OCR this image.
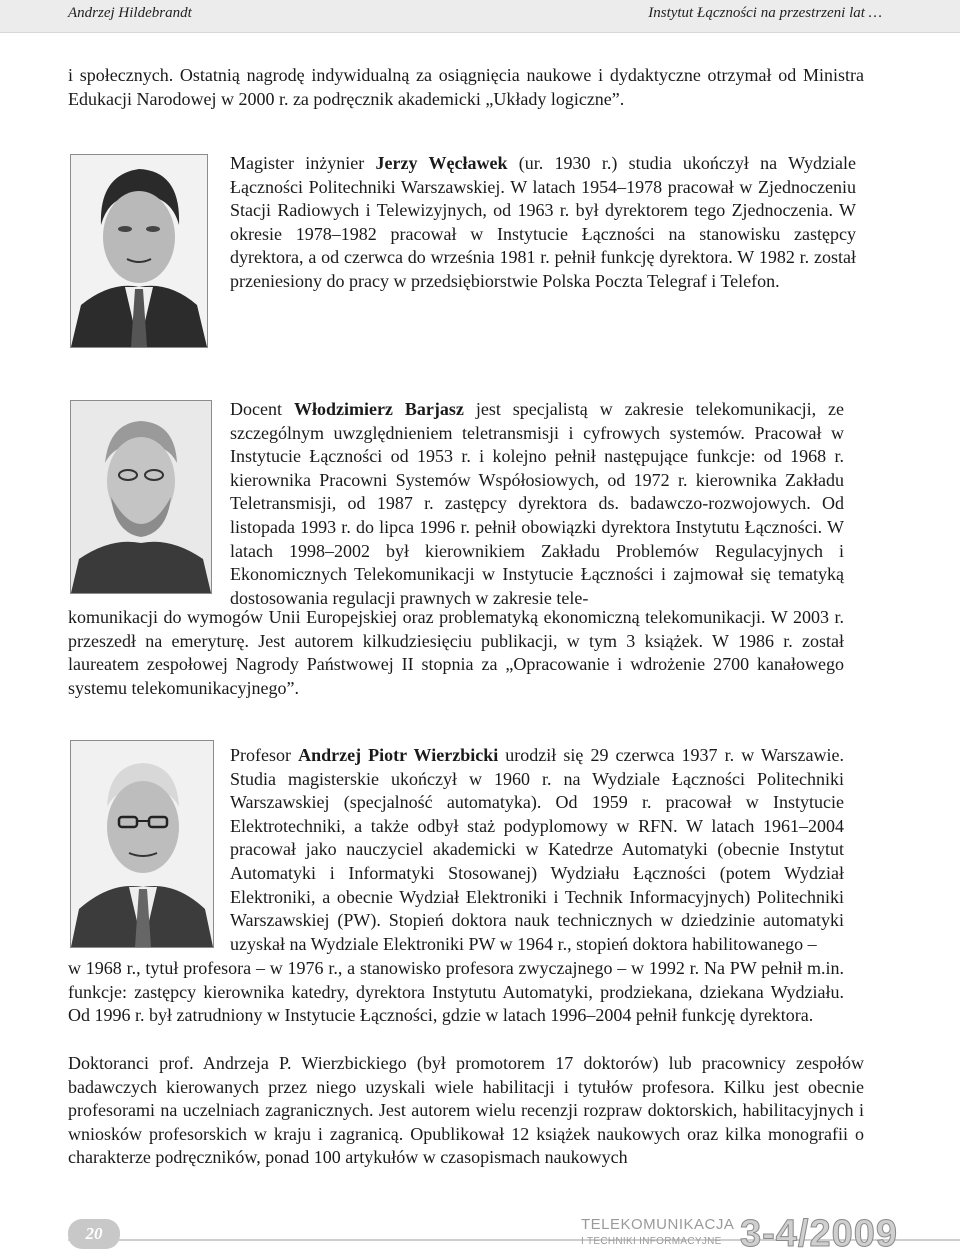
Andrzej Hildebrandt	Instytut Łączności na przestrzeni lat …

i społecznych. Ostatnią nagrodę indywidualną za osiągnięcia naukowe i dydaktyczne otrzymał od Ministra Edukacji Narodowej w 2000 r. za podręcznik akademicki „Układy logiczne”.

Magister inżynier Jerzy Węcławek (ur. 1930 r.) studia ukończył na Wydziale Łączności Politechniki Warszawskiej. W latach 1954–1978 pracował w Zjednoczeniu Stacji Radiowych i Telewizyjnych, od 1963 r. był dyrektorem tego Zjednoczenia. W okresie 1978–1982 pracował w Instytucie Łączności na stanowisku zastępcy dyrektora, a od czerwca do września 1981 r. pełnił funkcję dyrektora. W 1982 r. został przeniesiony do pracy w przedsiębiorstwie Polska Poczta Telegraf i Telefon.

Docent Włodzimierz Barjasz jest specjalistą w zakresie telekomunikacji, ze szczególnym uwzględnieniem teletransmisji i cyfrowych systemów. Pracował w Instytucie Łączności od 1953 r. i kolejno pełnił następujące funkcje: od 1968 r. kierownika Pracowni Systemów Współosiowych, od 1972 r. kierownika Zakładu Teletransmisji, od 1987 r. zastępcy dyrektora ds. badawczo-rozwojowych. Od listopada 1993 r. do lipca 1996 r. pełnił obowiązki dyrektora Instytutu Łączności. W latach 1998–2002 był kierownikiem Zakładu Problemów Regulacyjnych i Ekonomicznych Telekomunikacji w Instytucie Łączności i zajmował się tematyką dostosowania regulacji prawnych w zakresie tele-

komunikacji do wymogów Unii Europejskiej oraz problematyką ekonomiczną telekomunikacji. W 2003 r. przeszedł na emeryturę. Jest autorem kilkudziesięciu publikacji, w tym 3 książek. W 1986 r. został laureatem zespołowej Nagrody Państwowej II stopnia za „Opracowanie i wdrożenie 2700 kanałowego systemu telekomunikacyjnego”.

Profesor Andrzej Piotr Wierzbicki urodził się 29 czerwca 1937 r. w Warszawie. Studia magisterskie ukończył w 1960 r. na Wydziale Łączności Politechniki Warszawskiej (specjalność automatyka). Od 1959 r. pracował w Instytucie Elektrotechniki, a także odbył staż podyplomowy w RFN. W latach 1961–2004 pracował jako nauczyciel akademicki w Katedrze Automatyki (obecnie Instytut Automatyki i Informatyki Stosowanej) Wydziału Łączności (potem Wydział Elektroniki, a obecnie Wydział Elektroniki i Technik Informacyjnych) Politechniki Warszawskiej (PW). Stopień doktora nauk technicznych w dziedzinie automatyki uzyskał na Wydziale Elektroniki PW w 1964 r., stopień doktora habilitowanego –

w 1968 r., tytuł profesora – w 1976 r., a stanowisko profesora zwyczajnego – w 1992 r. Na PW pełnił m.in. funkcje: zastępcy kierownika katedry, dyrektora Instytutu Automatyki, prodziekana, dziekana Wydziału. Od 1996 r. był zatrudniony w Instytucie Łączności, gdzie w latach 1996–2004 pełnił funkcję dyrektora.

Doktoranci prof. Andrzeja P. Wierzbickiego (był promotorem 17 doktorów) lub pracownicy zespołów badawczych kierowanych przez niego uzyskali wiele habilitacji i tytułów profesora. Kilku jest obecnie profesorami na uczelniach zagranicznych. Jest autorem wielu recenzji rozpraw doktorskich, habilitacyjnych i wniosków profesorskich w kraju i zagranicą. Opublikował 12 książek naukowych oraz kilka monografii o charakterze podręczników, ponad 100 artykułów w czasopismach naukowych

20	TELEKOMUNIKACJA
I TECHNIKI INFORMACYJNE 3-4/2009
